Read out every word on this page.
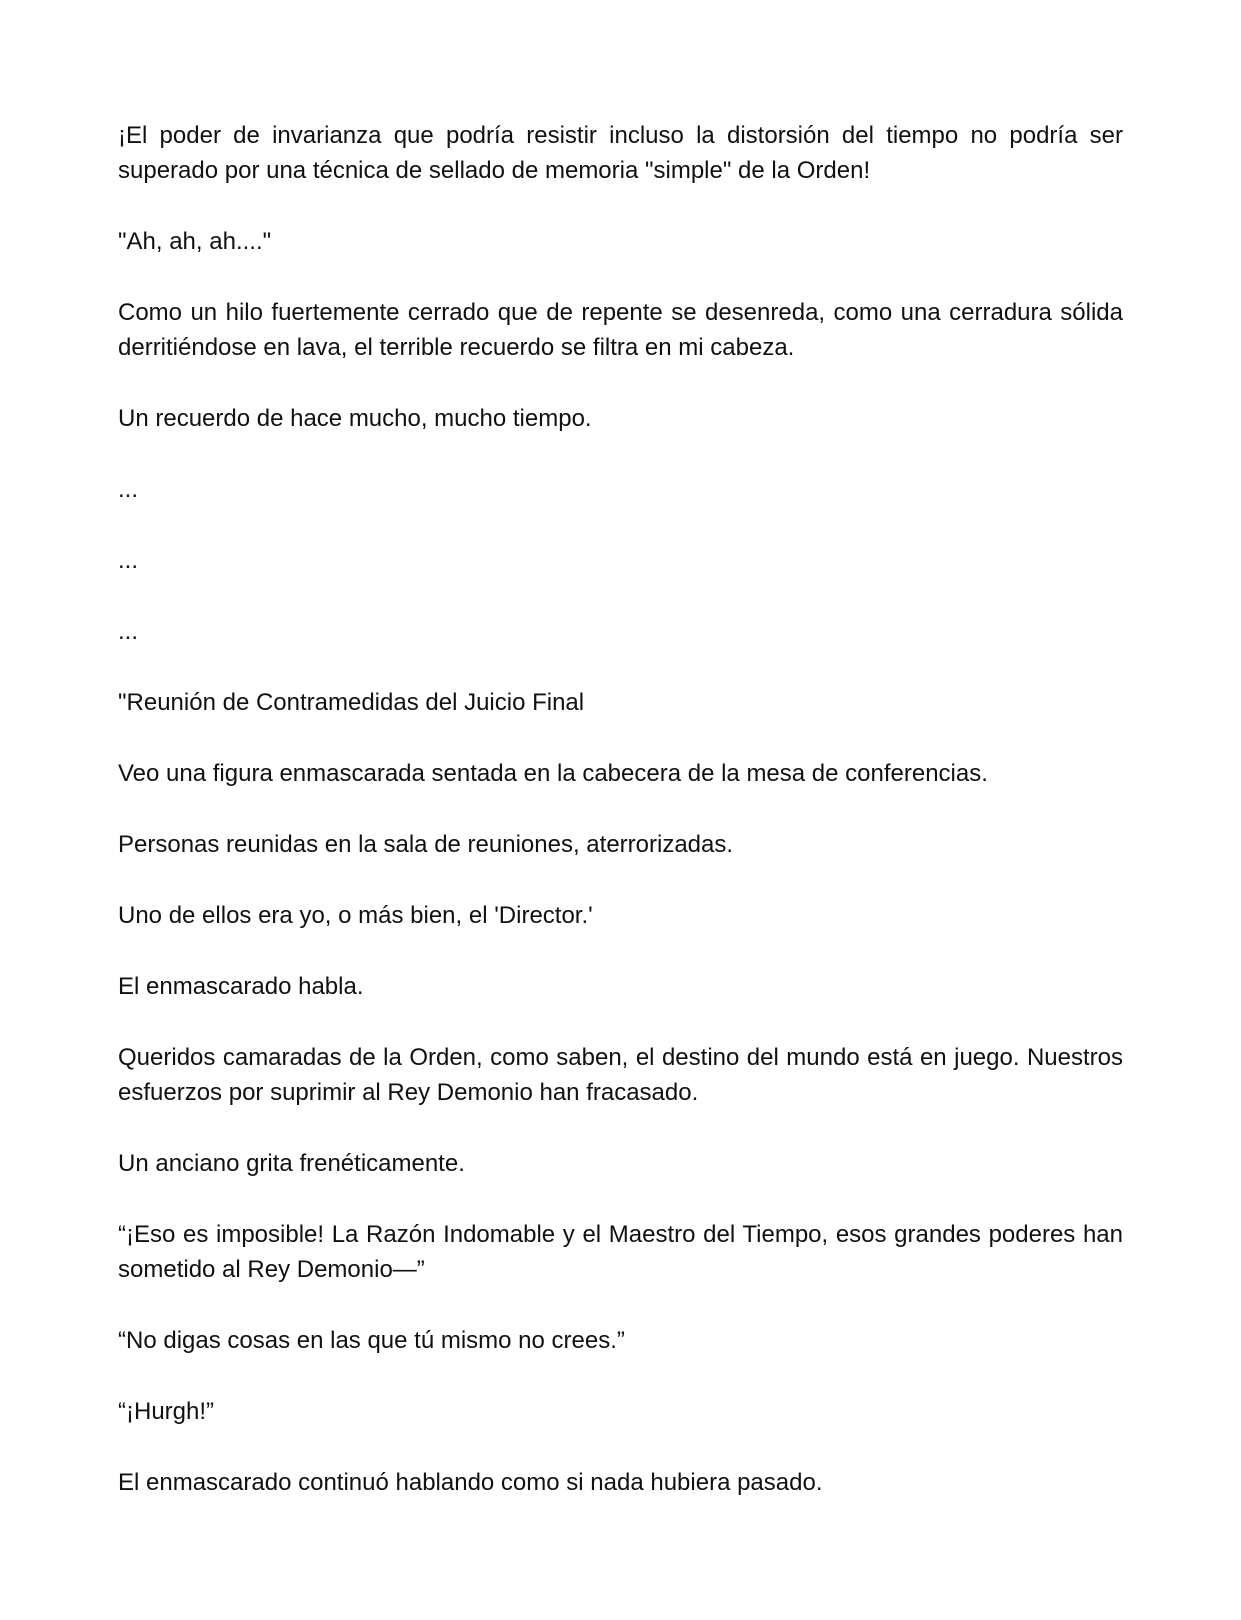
¡El poder de invarianza que podría resistir incluso la distorsión del tiempo no podría ser superado por una técnica de sellado de memoria "simple" de la Orden!

"Ah, ah, ah...."

Como un hilo fuertemente cerrado que de repente se desenreda, como una cerradura sólida derritiéndose en lava, el terrible recuerdo se filtra en mi cabeza.

Un recuerdo de hace mucho, mucho tiempo.

...

...

...

"Reunión de Contramedidas del Juicio Final

Veo una figura enmascarada sentada en la cabecera de la mesa de conferencias.

Personas reunidas en la sala de reuniones, aterrorizadas.

Uno de ellos era yo, o más bien, el 'Director.'

El enmascarado habla.

Queridos camaradas de la Orden, como saben, el destino del mundo está en juego. Nuestros esfuerzos por suprimir al Rey Demonio han fracasado.

Un anciano grita frenéticamente.

“¡Eso es imposible! La Razón Indomable y el Maestro del Tiempo, esos grandes poderes han sometido al Rey Demonio—”

“No digas cosas en las que tú mismo no crees.”

“¡Hurgh!”

El enmascarado continuó hablando como si nada hubiera pasado.
